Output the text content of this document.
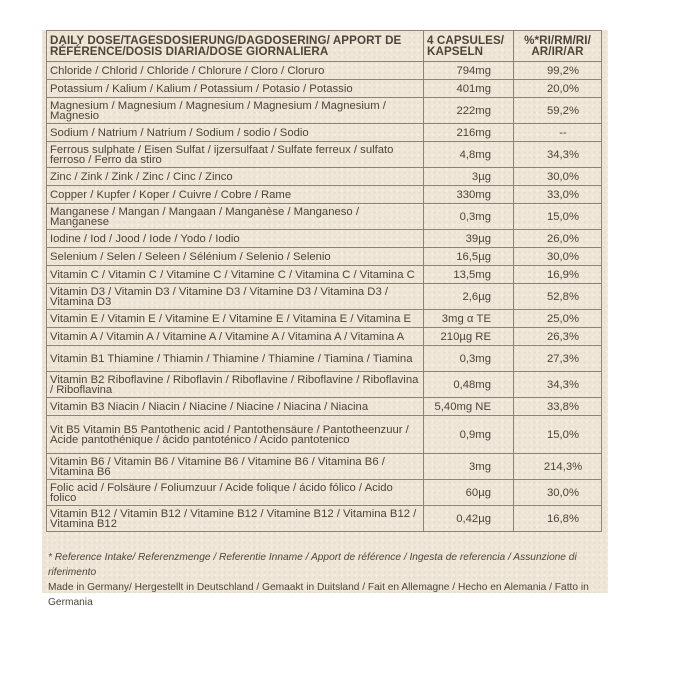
DAILY DOSE/TAGESDOSIERUNG/DAGDOSERING/ APPORT DE RÉFÉRENCE/DOSIS DIARIA/DOSE GIORNALIERA	4 CAPSULES/ KAPSELN	%*RI/RM/RI/ AR/IR/AR
Chloride / Chlorid / Chloride / Chlorure / Cloro / Cloruro	794mg	99,2%
Potassium / Kalium / Kalium / Potassium / Potasio / Potassio	401mg	20,0%
Magnesium / Magnesium / Magnesium / Magnesium / Magnesium / Magnesio	222mg	59,2%
Sodium / Natrium / Natrium / Sodium / sodio / Sodio	216mg	--
Ferrous sulphate / Eisen Sulfat / ijzersulfaat / Sulfate ferreux / sulfato ferroso / Ferro da stiro	4,8mg	34,3%
Zinc / Zink / Zink / Zinc / Cinc / Zinco	3µg	30,0%
Copper / Kupfer / Koper / Cuivre / Cobre / Rame	330mg	33,0%
Manganese / Mangan / Mangaan / Manganèse / Manganeso / Manganese	0,3mg	15,0%
Iodine / Iod / Jood / Iode / Yodo / Iodio	39µg	26,0%
Selenium / Selen / Seleen / Sélénium / Selenio / Selenio	16,5µg	30,0%
Vitamin C / Vitamin C / Vitamine C / Vitamine C / Vitamina C / Vitamina C	13,5mg	16,9%
Vitamin D3 / Vitamin D3 / Vitamine D3 / Vitamine D3 / Vitamina D3 / Vitamina D3	2,6µg	52,8%
Vitamin E / Vitamin E / Vitamine E / Vitamine E / Vitamina E / Vitamina E	3mg α TE	25,0%
Vitamin A / Vitamin A / Vitamine A / Vitamine A / Vitamina A / Vitamina A	210µg RE	26,3%
Vitamin B1 Thiamine / Thiamin / Thiamine / Thiamine / Tiamina / Tiamina	0,3mg	27,3%
Vitamin B2 Riboflavine / Riboflavin / Riboflavine / Riboflavine / Riboflavina / Riboflavina	0,48mg	34,3%
Vitamin B3 Niacin / Niacin / Niacine / Niacine / Niacina / Niacina	5,40mg NE	33,8%
Vit B5 Vitamin B5 Pantothenic acid / Pantothensäure / Pantotheenzuur / Acide pantothénique / ácido pantoténico / Acido pantotenico	0,9mg	15,0%
Vitamin B6 / Vitamin B6 / Vitamine B6 / Vitamine B6 / Vitamina B6 / Vitamina B6	3mg	214,3%
Folic acid / Folsäure / Foliumzuur / Acide folique / ácido fólico / Acido folico	60µg	30,0%
Vitamin B12 / Vitamin B12 / Vitamine B12 / Vitamine B12 / Vitamina B12 / Vitamina B12	0,42µg	16,8%
* Reference Intake/ Referenzmenge / Referentie Inname / Apport de référence / Ingesta de referencia / Assunzione di riferimento
Made in Germany/ Hergestellt in Deutschland / Gemaakt in Duitsland / Fait en Allemagne / Hecho en Alemania / Fatto in Germania
